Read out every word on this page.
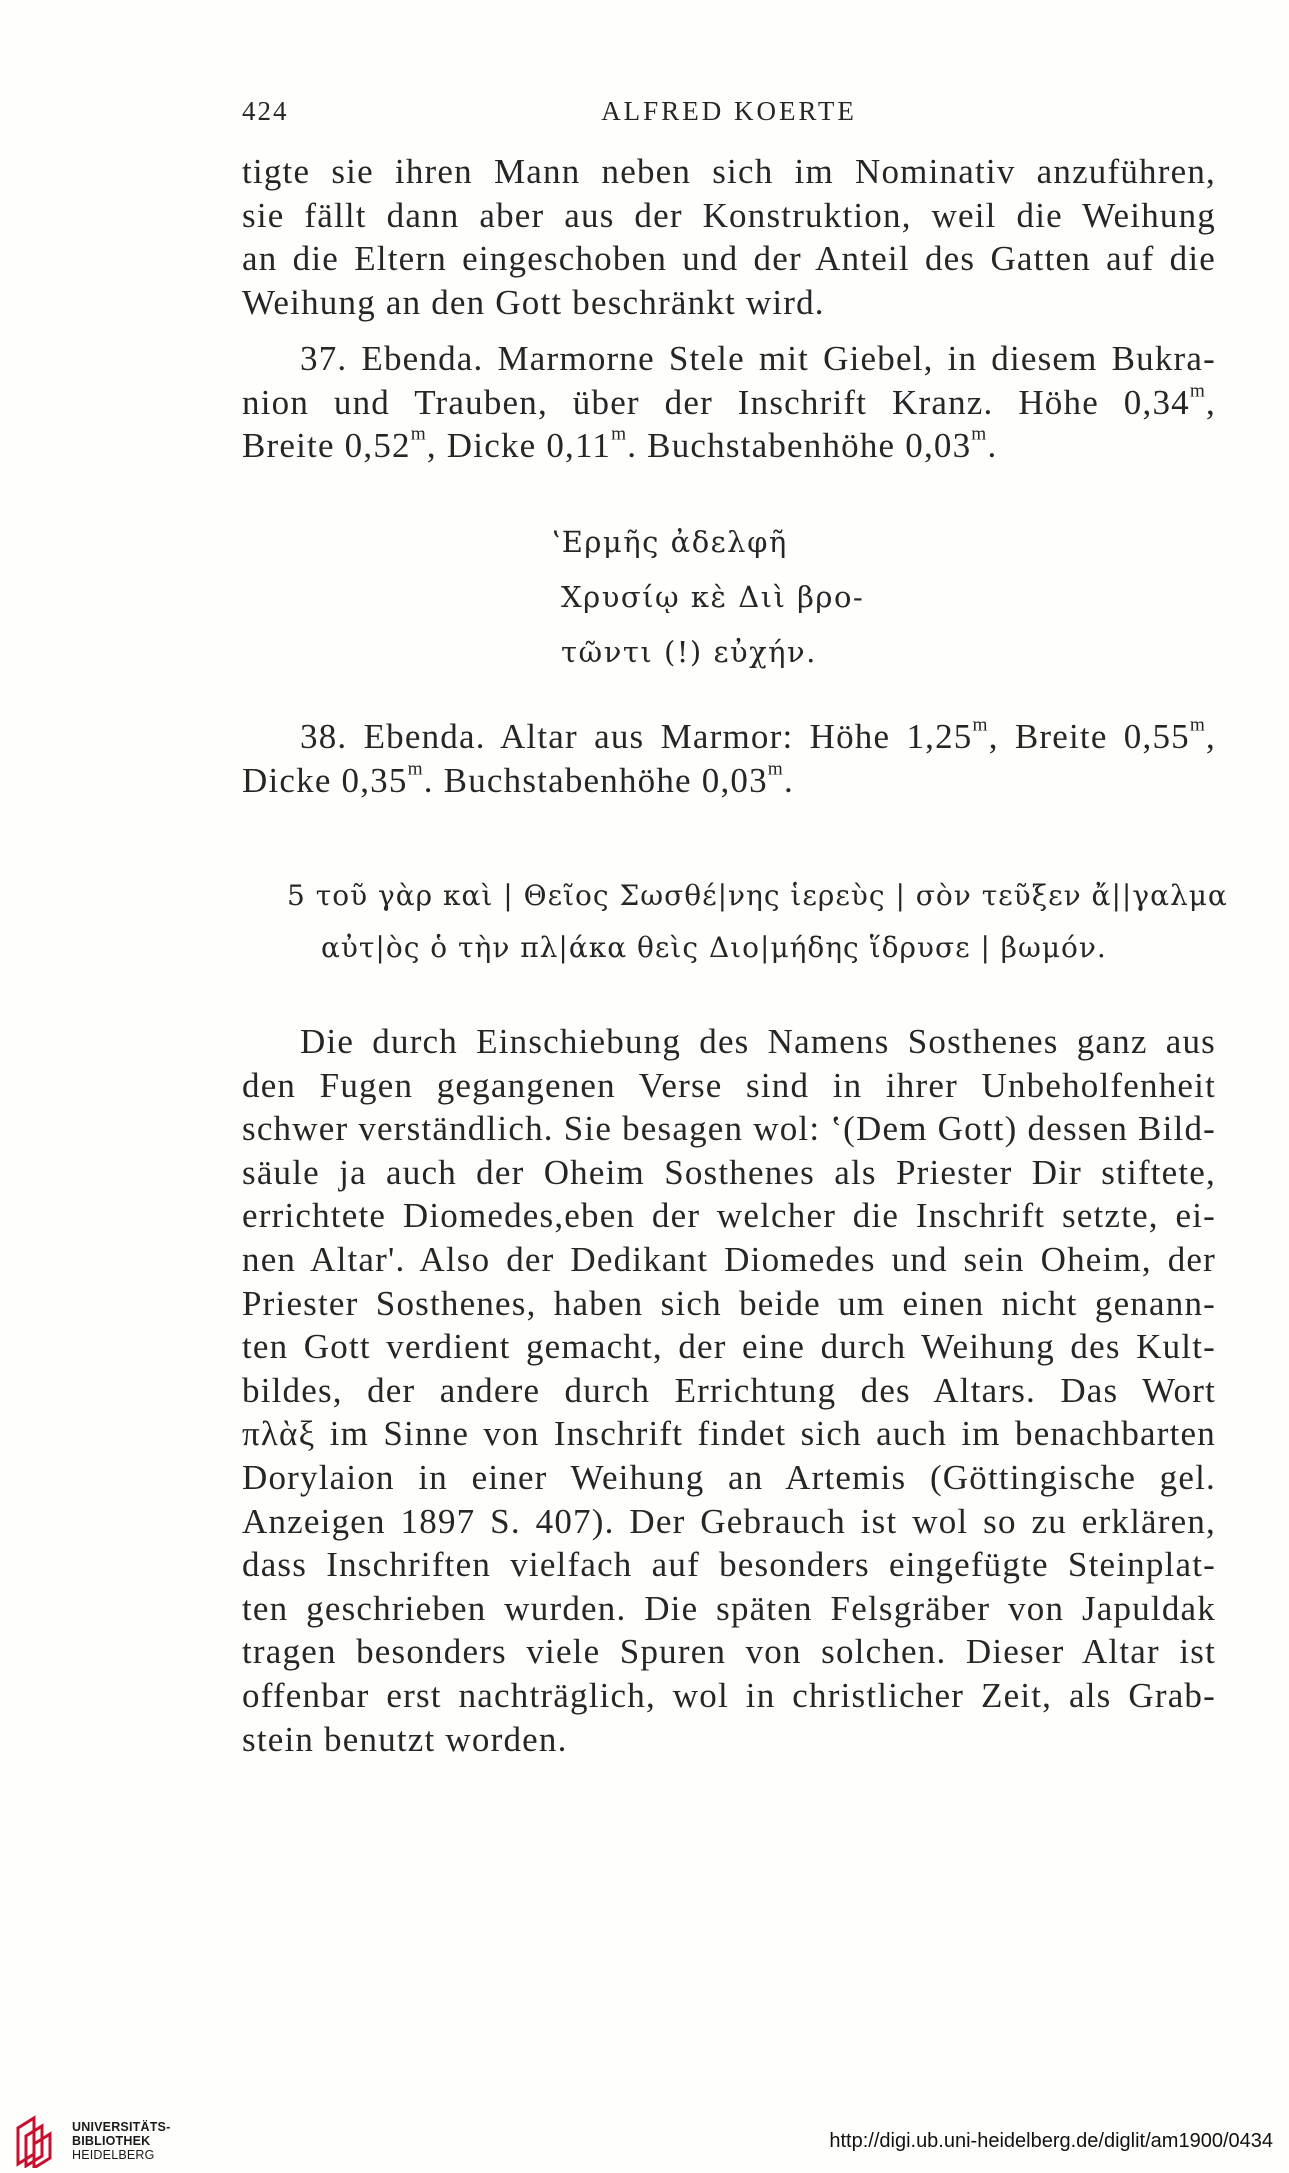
424	ALFRED KOERTE
tigte sie ihren Mann neben sich im Nominativ anzuführen,
sie fällt dann aber aus der Konstruktion, weil die Weihung
an die Eltern eingeschoben und der Anteil des Gatten auf die
Weihung an den Gott beschränkt wird.
37. Ebenda. Marmorne Stele mit Giebel, in diesem Bukra-
nion und Trauben, über der Inschrift Kranz. Höhe 0,34$^m$,
Breite 0,52$^m$, Dicke 0,11$^m$. Buchstabenhöhe 0,03$^m$.
ʽΕρμῆς ἀδελφῆ
Χρυσίῳ κὲ Διὶ βρο-
τῶντι (!) εὐχήν.
38. Ebenda. Altar aus Marmor: Höhe 1,25$^m$, Breite 0,55$^m$,
Dicke 0,35$^m$. Buchstabenhöhe 0,03$^m$.
5 τοῦ γὰρ καὶ | Θεῖος Σωσθέ|νης ἱερεὺς | σὸν τεῦξεν ἄ||γαλμα
αὐτ|ὸς ὁ τὴν πλ|άκα θεὶς Διο|μήδης ἵδρυσε | βωμόν.
Die durch Einschiebung des Namens Sosthenes ganz aus
den Fugen gegangenen Verse sind in ihrer Unbeholfenheit
schwer verständlich. Sie besagen wol: ʽ(Dem Gott) dessen Bild-
säule ja auch der Oheim Sosthenes als Priester Dir stiftete,
errichtete Diomedes,eben der welcher die Inschrift setzte, ei-
nen Altar'. Also der Dedikant Diomedes und sein Oheim, der
Priester Sosthenes, haben sich beide um einen nicht genann-
ten Gott verdient gemacht, der eine durch Weihung des Kult-
bildes, der andere durch Errichtung des Altars. Das Wort
πλὰξ im Sinne von Inschrift findet sich auch im benachbarten
Dorylaion in einer Weihung an Artemis (Göttingische gel.
Anzeigen 1897 S. 407). Der Gebrauch ist wol so zu erklären,
dass Inschriften vielfach auf besonders eingefügte Steinplat-
ten geschrieben wurden. Die späten Felsgräber von Japuldak
tragen besonders viele Spuren von solchen. Dieser Altar ist
offenbar erst nachträglich, wol in christlicher Zeit, als Grab-
stein benutzt worden.
UNIVERSITÄTS-
BIBLIOTHEK
HEIDELBERG
http://digi.ub.uni-heidelberg.de/diglit/am1900/0434
